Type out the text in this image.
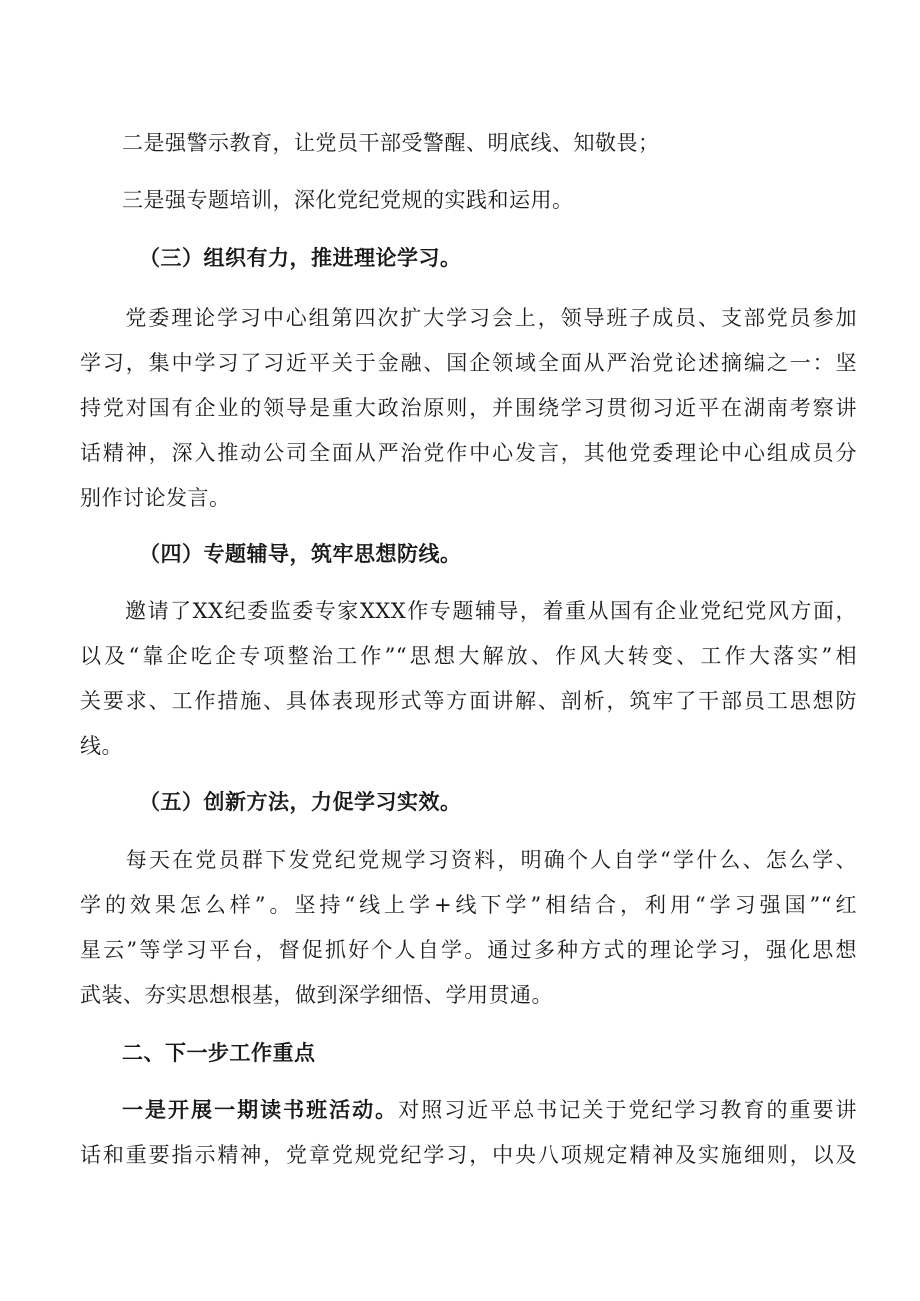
二是强警示教育，让党员干部受警醒、明底线、知敬畏；
三是强专题培训，深化党纪党规的实践和运用。
（三）组织有力，推进理论学习。
党委理论学习中心组第四次扩大学习会上，领导班子成员、支部党员参加
学习，集中学习了习近平关于金融、国企领域全面从严治党论述摘编之一：坚
持党对国有企业的领导是重大政治原则，并围绕学习贯彻习近平在湖南考察讲
话精神，深入推动公司全面从严治党作中心发言，其他党委理论中心组成员分
别作讨论发言。
（四）专题辅导，筑牢思想防线。
邀请了XX纪委监委专家XXX作专题辅导，着重从国有企业党纪党风方面，
以及“靠企吃企专项整治工作”“思想大解放、作风大转变、工作大落实”相
关要求、工作措施、具体表现形式等方面讲解、剖析，筑牢了干部员工思想防
线。
（五）创新方法，力促学习实效。
每天在党员群下发党纪党规学习资料，明确个人自学“学什么、怎么学、
学的效果怎么样”。坚持“线上学+线下学”相结合，利用“学习强国”“红
星云”等学习平台，督促抓好个人自学。通过多种方式的理论学习，强化思想
武装、夯实思想根基，做到深学细悟、学用贯通。
二、下一步工作重点
一是开展一期读书班活动。对照习近平总书记关于党纪学习教育的重要讲
话和重要指示精神，党章党规党纪学习，中央八项规定精神及实施细则，以及
